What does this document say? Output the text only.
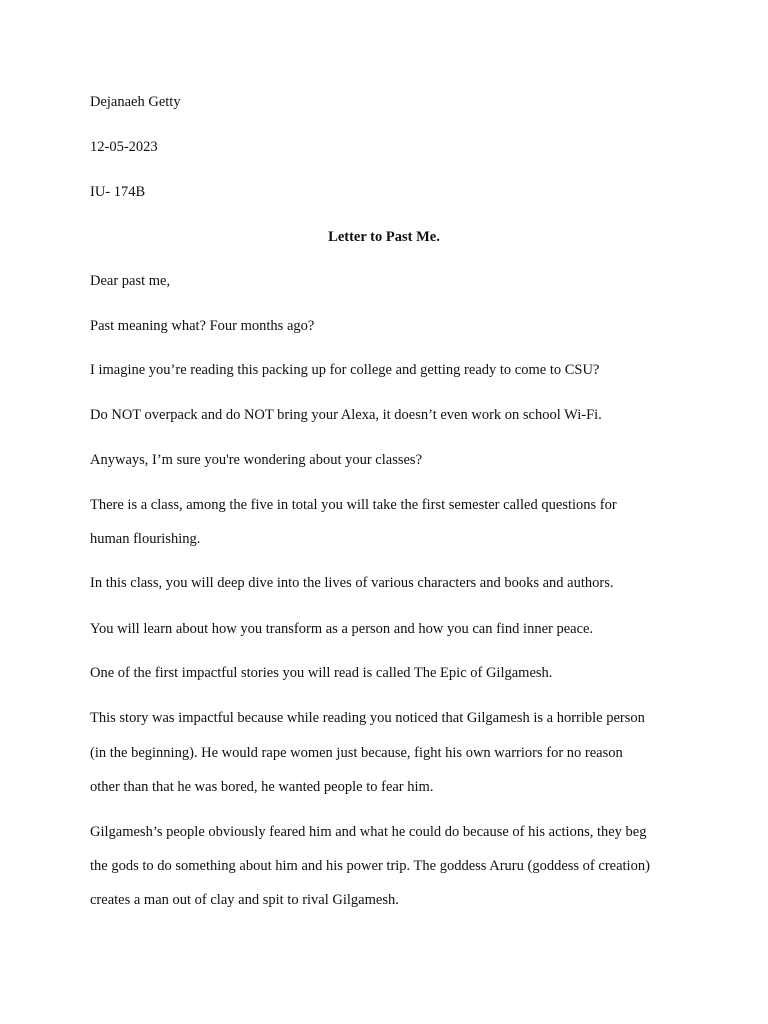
Dejanaeh Getty
12-05-2023
IU- 174B
Letter to Past Me.
Dear past me,
Past meaning what? Four months ago?
I imagine you’re reading this packing up for college and getting ready to come to CSU?
Do NOT overpack and do NOT bring your Alexa, it doesn’t even work on school Wi-Fi.
Anyways, I’m sure you're wondering about your classes?
There is a class, among the five in total you will take the first semester called questions for
human flourishing.
In this class, you will deep dive into the lives of various characters and books and authors.
You will learn about how you transform as a person and how you can find inner peace.
One of the first impactful stories you will read is called The Epic of Gilgamesh.
This story was impactful because while reading you noticed that Gilgamesh is a horrible person
(in the beginning). He would rape women just because, fight his own warriors for no reason
other than that he was bored, he wanted people to fear him.
Gilgamesh’s people obviously feared him and what he could do because of his actions, they beg
the gods to do something about him and his power trip. The goddess Aruru (goddess of creation)
creates a man out of clay and spit to rival Gilgamesh.
